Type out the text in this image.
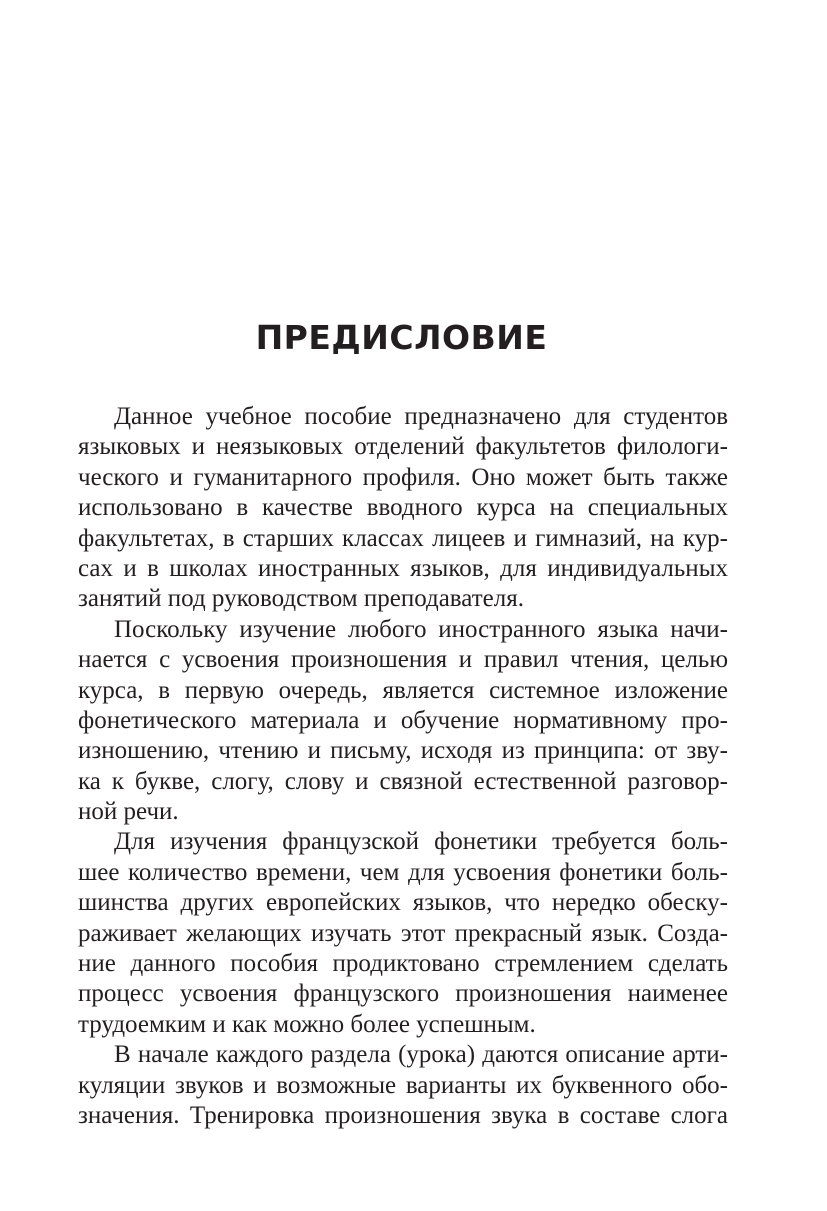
ПРЕДИСЛОВИЕ
Данное учебное пособие предназначено для студентов
языковых и неязыковых отделений факультетов филологи-
ческого и гуманитарного профиля. Оно может быть также
использовано в качестве вводного курса на специальных
факультетах, в старших классах лицеев и гимназий, на кур-
сах и в школах иностранных языков, для индивидуальных
занятий под руководством преподавателя.
Поскольку изучение любого иностранного языка начи-
нается с усвоения произношения и правил чтения, целью
курса, в первую очередь, является системное изложение
фонетического материала и обучение нормативному про-
изношению, чтению и письму, исходя из принципа: от зву-
ка к букве, слогу, слову и связной естественной разговор-
ной речи.
Для изучения французской фонетики требуется боль-
шее количество времени, чем для усвоения фонетики боль-
шинства других европейских языков, что нередко обеску-
раживает желающих изучать этот прекрасный язык. Созда-
ние данного пособия продиктовано стремлением сделать
процесс усвоения французского произношения наименее
трудоемким и как можно более успешным.
В начале каждого раздела (урока) даются описание арти-
куляции звуков и возможные варианты их буквенного обо-
значения. Тренировка произношения звука в составе слога
